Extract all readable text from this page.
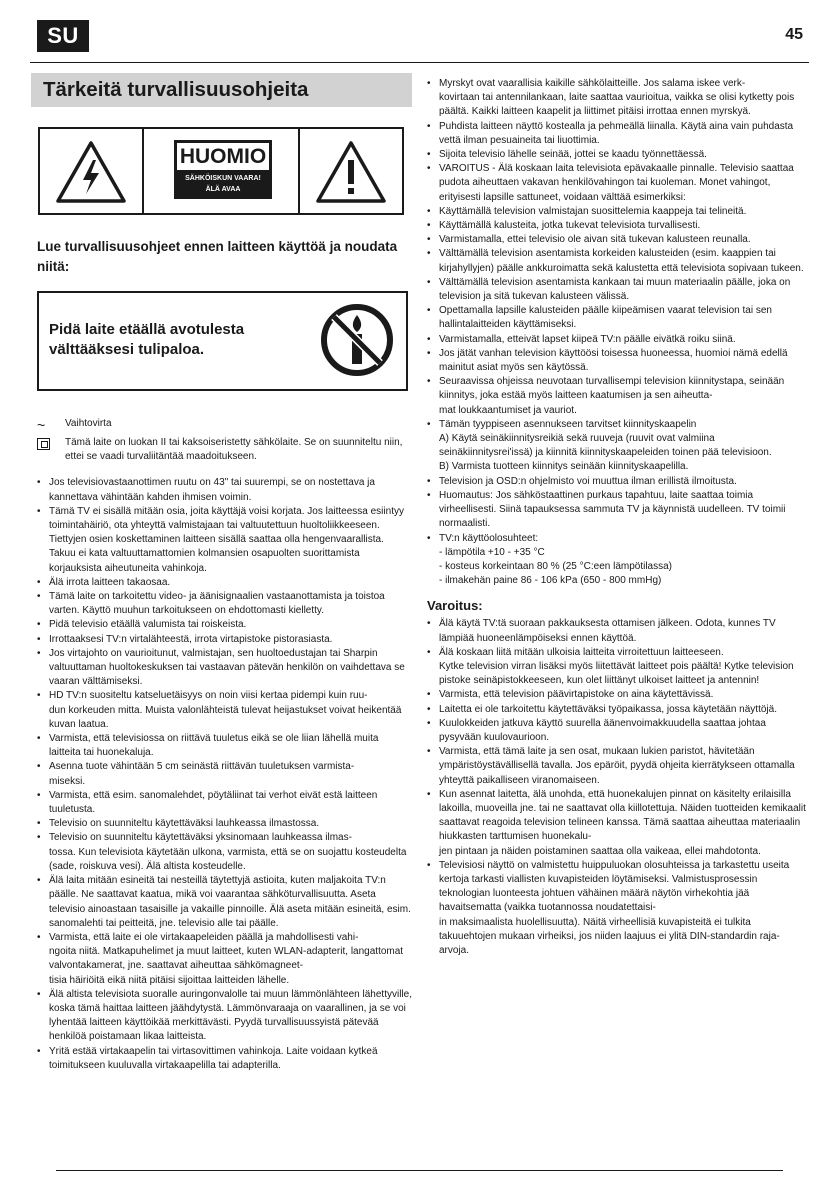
SU	45
Tärkeitä turvallisuusohjeita
HUOMIO
SÄHKÖISKUN VAARA!
ÄLÄ AVAA
Lue turvallisuusohjeet ennen laitteen käyttöä ja noudata niitä:
Pidä laite etäällä avotulesta välttääksesi tulipaloa.
~	Vaihtovirta
Tämä laite on luokan II tai kaksoiseristetty sähkölaite. Se on suunniteltu niin, ettei se vaadi turvaliitäntää maadoitukseen.
• Jos televisiovastaanottimen ruutu on 43" tai suurempi, se on nostettava ja kannettava vähintään kahden ihmisen voimin.
• Tämä TV ei sisällä mitään osia, joita käyttäjä voisi korjata. Jos laitteessa esiintyy toimintahäiriö, ota yhteyttä valmistajaan tai valtuutettuun huoltoliikkeeseen. Tiettyjen osien koskettaminen laitteen sisällä saattaa olla hengenvaarallista. Takuu ei kata valtuuttamattomien kolmansien osapuolten suorittamista korjauksista aiheutuneita vahinkoja.
• Älä irrota laitteen takaosaa.
• Tämä laite on tarkoitettu video- ja äänisignaalien vastaanottamista ja toistoa varten. Käyttö muuhun tarkoitukseen on ehdottomasti kielletty.
• Pidä televisio etäällä valumista tai roiskeista.
• Irrottaaksesi TV:n virtalähteestä, irrota virtapistoke pistorasiasta.
• Jos virtajohto on vaurioitunut, valmistajan, sen huoltoedustajan tai Sharpin valtuuttaman huoltokeskuksen tai vastaavan pätevän henkilön on vaihdettava se vaaran välttämiseksi.
• HD TV:n suositeltu katseluetäisyys on noin viisi kertaa pidempi kuin ruu-
dun korkeuden mitta. Muista valonlähteistä tulevat heijastukset voivat heikentää kuvan laatua.
• Varmista, että televisiossa on riittävä tuuletus eikä se ole liian lähellä muita laitteita tai huonekaluja.
• Asenna tuote vähintään 5 cm seinästä riittävän tuuletuksen varmista-
miseksi.
• Varmista, että esim. sanomalehdet, pöytäliinat tai verhot eivät estä laitteen tuuletusta.
• Televisio on suunniteltu käytettäväksi lauhkeassa ilmastossa.
• Televisio on suunniteltu käytettäväksi yksinomaan lauhkeassa ilmas-
tossa. Kun televisiota käytetään ulkona, varmista, että se on suojattu kosteudelta (sade, roiskuva vesi). Älä altista kosteudelle.
• Älä laita mitään esineitä tai nesteillä täytettyjä astioita, kuten maljakoita TV:n päälle. Ne saattavat kaatua, mikä voi vaarantaa sähköturvallisuutta. Aseta televisio ainoastaan tasaisille ja vakaille pinnoille. Älä aseta mitään esineitä, esim. sanomalehti tai peitteitä, jne. televisio alle tai päälle.
• Varmista, että laite ei ole virtakaapeleiden päällä ja mahdollisesti vahi-
ngoita niitä. Matkapuhelimet ja muut laitteet, kuten WLAN-adapterit, langattomat valvontakamerat, jne. saattavat aiheuttaa sähkömagneet-
tisia häiriöitä eikä niitä pitäisi sijoittaa laitteiden lähelle.
• Älä altista televisiota suoralle auringonvalolle tai muun lämmönlähteen lähettyville, koska tämä haittaa laitteen jäähdytystä. Lämmönvaraaja on vaarallinen, ja se voi lyhentää laitteen käyttöikää merkittävästi. Pyydä turvallisuussyistä pätevää henkilöä poistamaan likaa laitteista.
• Yritä estää virtakaapelin tai virtasovittimen vahinkoja. Laite voidaan kytkeä toimitukseen kuuluvalla virtakaapelilla tai adapterilla.
• Myrskyt ovat vaarallisia kaikille sähkölaitteille. Jos salama iskee verk-
kovirtaan tai antennilankaan, laite saattaa vaurioitua, vaikka se olisi kytketty pois päältä. Kaikki laitteen kaapelit ja liittimet pitäisi irrottaa ennen myrskyä.
• Puhdista laitteen näyttö kostealla ja pehmeällä liinalla. Käytä aina vain puhdasta vettä ilman pesuaineita tai liuottimia.
• Sijoita televisio lähelle seinää, jottei se kaadu työnnettäessä.
• VAROITUS - Älä koskaan laita televisiota epävakaalle pinnalle. Televisio saattaa pudota aiheuttaen vakavan henkilövahingon tai kuoleman. Monet vahingot, erityisesti lapsille sattuneet, voidaan välttää esimerkiksi:
• Käyttämällä television valmistajan suosittelemia kaappeja tai telineitä.
• Käyttämällä kalusteita, jotka tukevat televisiota turvallisesti.
• Varmistamalla, ettei televisio ole aivan sitä tukevan kalusteen reunalla.
• Välttämällä television asentamista korkeiden kalusteiden (esim. kaappien tai kirjahyllyjen) päälle ankkuroimatta sekä kalustetta että televisiota sopivaan tukeen.
• Välttämällä television asentamista kankaan tai muun materiaalin päälle, joka on television ja sitä tukevan kalusteen välissä.
• Opettamalla lapsille kalusteiden päälle kiipeämisen vaarat television tai sen hallintalaitteiden käyttämiseksi.
• Varmistamalla, etteivät lapset kiipeä TV:n päälle eivätkä roiku siinä.
• Jos jätät vanhan television käyttöösi toisessa huoneessa, huomioi nämä edellä mainitut asiat myös sen käytössä.
• Seuraavissa ohjeissa neuvotaan turvallisempi television kiinnitystapa, seinään kiinnitys, joka estää myös laitteen kaatumisen ja sen aiheutta-
mat loukkaantumiset ja vauriot.
• Tämän tyyppiseen asennukseen tarvitset kiinnityskaapelin
A) Käytä seinäkiinnitysreikiä sekä ruuveja (ruuvit ovat valmiina seinäkiinnitysrei'issä) ja kiinnitä kiinnityskaapeleiden toinen pää televisioon.
B) Varmista tuotteen kiinnitys seinään kiinnityskaapelilla.
• Television ja OSD:n ohjelmisto voi muuttua ilman erillistä ilmoitusta.
• Huomautus: Jos sähköstaattinen purkaus tapahtuu, laite saattaa toimia virheellisesti. Siinä tapauksessa sammuta TV ja käynnistä uudelleen. TV toimii normaalisti.
• TV:n käyttöolosuhteet:
- lämpötila +10 - +35 °C
- kosteus korkeintaan 80 % (25 °C:een lämpötilassa)
- ilmakehän paine 86 - 106 kPa (650 - 800 mmHg)
Varoitus:
• Älä käytä TV:tä suoraan pakkauksesta ottamisen jälkeen. Odota, kunnes TV lämpiää huoneenlämpöiseksi ennen käyttöä.
• Älä koskaan liitä mitään ulkoisia laitteita virroitettuun laitteeseen.
Kytke television virran lisäksi myös liitettävät laitteet pois päältä! Kytke television pistoke seinäpistokkeeseen, kun olet liittänyt ulkoiset laitteet ja antennin!
• Varmista, että television päävirtapistoke on aina käytettävissä.
• Laitetta ei ole tarkoitettu käytettäväksi työpaikassa, jossa käytetään näyttöjä.
• Kuulokkeiden jatkuva käyttö suurella äänenvoimakkuudella saattaa johtaa pysyvään kuulovaurioon.
• Varmista, että tämä laite ja sen osat, mukaan lukien paristot, hävitetään ympäristöystävällisellä tavalla. Jos epäröit, pyydä ohjeita kierrätykseen ottamalla yhteyttä paikalliseen viranomaiseen.
• Kun asennat laitetta, älä unohda, että huonekalujen pinnat on käsitelty erilaisilla lakoilla, muoveilla jne. tai ne saattavat olla kiillotettuja. Näiden tuotteiden kemikaalit saattavat reagoida television telineen kanssa. Tämä saattaa aiheuttaa materiaalin hiukkasten tarttumisen huonekalu-
jen pintaan ja näiden poistaminen saattaa olla vaikeaa, ellei mahdotonta.
• Televisiosi näyttö on valmistettu huippuluokan olosuhteissa ja tarkastettu useita kertoja tarkasti viallisten kuvapisteiden löytämiseksi. Valmistusprosessin teknologian luonteesta johtuen vähäinen määrä näytön virhekohtia jää havaitsematta (vaikka tuotannossa noudatettaisi-
in maksimaalista huolellisuutta). Näitä virheellisiä kuvapisteitä ei tulkita takuuehtojen mukaan virheiksi, jos niiden laajuus ei ylitä DIN-standardin raja-arvoja.
